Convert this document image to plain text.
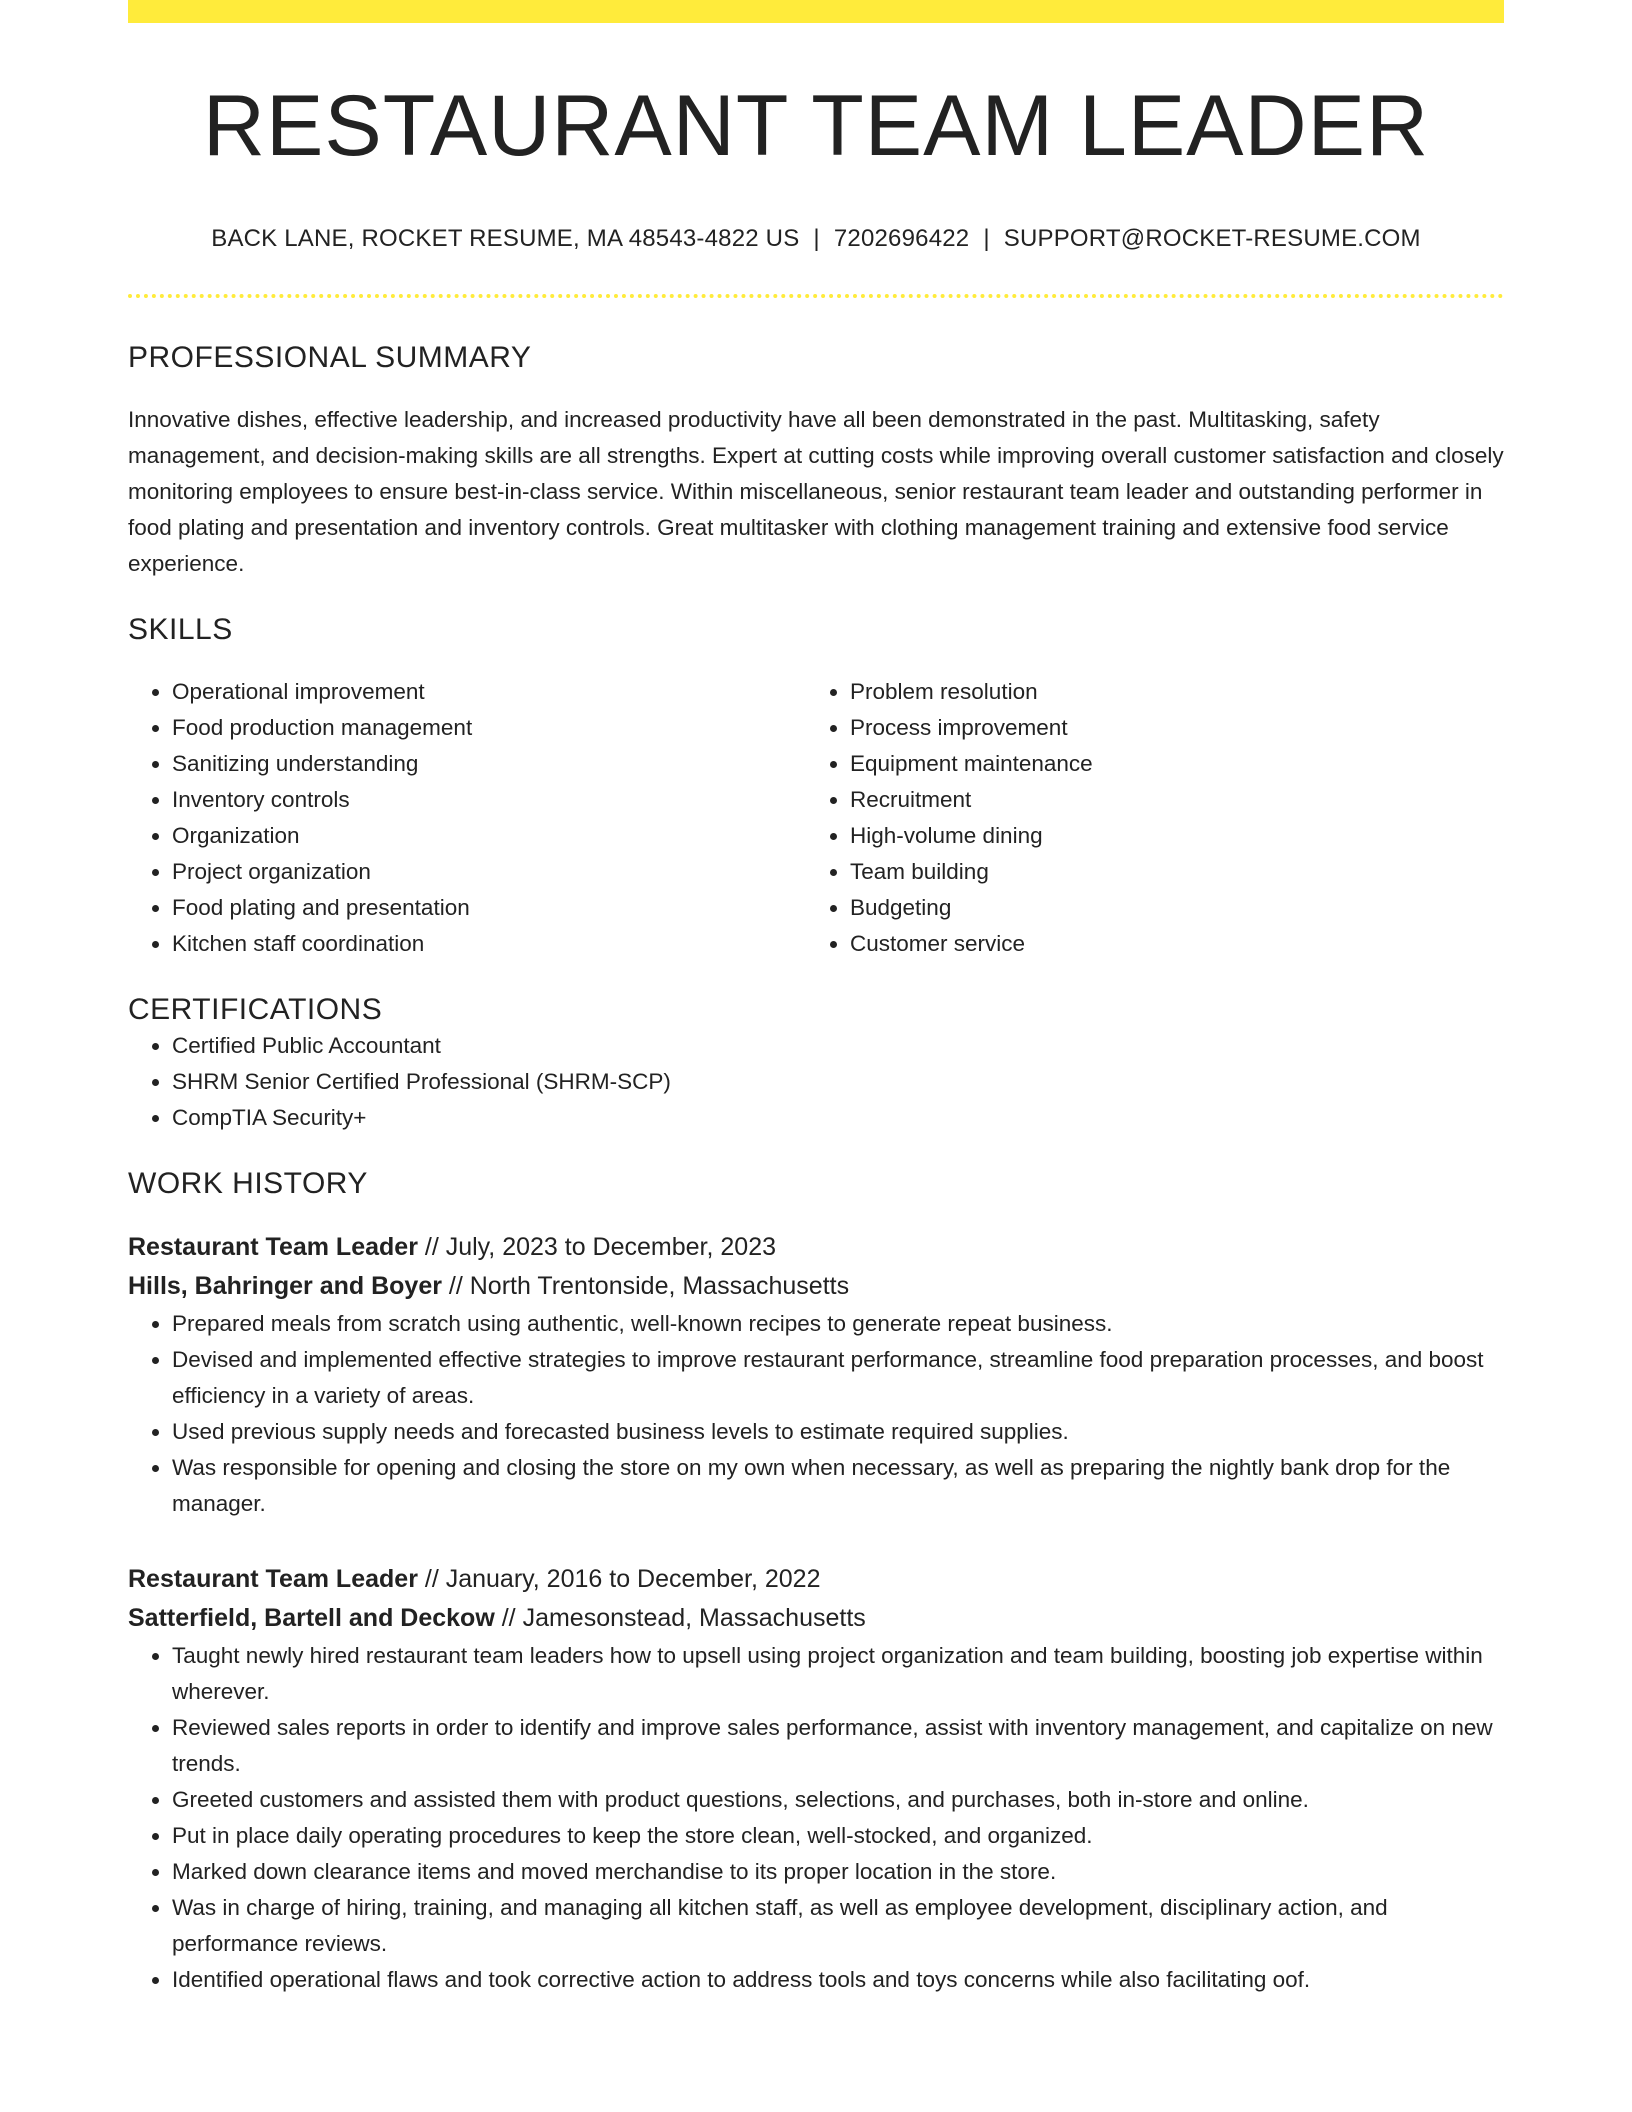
RESTAURANT TEAM LEADER
BACK LANE, ROCKET RESUME, MA 48543-4822 US | 7202696422 | SUPPORT@ROCKET-RESUME.COM
PROFESSIONAL SUMMARY

Innovative dishes, effective leadership, and increased productivity have all been demonstrated in the past. Multitasking, safety management, and decision-making skills are all strengths. Expert at cutting costs while improving overall customer satisfaction and closely monitoring employees to ensure best-in-class service. Within miscellaneous, senior restaurant team leader and outstanding performer in food plating and presentation and inventory controls. Great multitasker with clothing management training and extensive food service experience.

SKILLS
• Operational improvement
• Food production management
• Sanitizing understanding
• Inventory controls
• Organization
• Project organization
• Food plating and presentation
• Kitchen staff coordination
• Problem resolution
• Process improvement
• Equipment maintenance
• Recruitment
• High-volume dining
• Team building
• Budgeting
• Customer service
CERTIFICATIONS
• Certified Public Accountant
• SHRM Senior Certified Professional (SHRM-SCP)
• CompTIA Security+
WORK HISTORY
Restaurant Team Leader // July, 2023 to December, 2023
Hills, Bahringer and Boyer // North Trentonside, Massachusetts
• Prepared meals from scratch using authentic, well-known recipes to generate repeat business.
• Devised and implemented effective strategies to improve restaurant performance, streamline food preparation processes, and boost efficiency in a variety of areas.
• Used previous supply needs and forecasted business levels to estimate required supplies.
• Was responsible for opening and closing the store on my own when necessary, as well as preparing the nightly bank drop for the manager.
Restaurant Team Leader // January, 2016 to December, 2022
Satterfield, Bartell and Deckow // Jamesonstead, Massachusetts
• Taught newly hired restaurant team leaders how to upsell using project organization and team building, boosting job expertise within wherever.
• Reviewed sales reports in order to identify and improve sales performance, assist with inventory management, and capitalize on new trends.
• Greeted customers and assisted them with product questions, selections, and purchases, both in-store and online.
• Put in place daily operating procedures to keep the store clean, well-stocked, and organized.
• Marked down clearance items and moved merchandise to its proper location in the store.
• Was in charge of hiring, training, and managing all kitchen staff, as well as employee development, disciplinary action, and performance reviews.
• Identified operational flaws and took corrective action to address tools and toys concerns while also facilitating oof.
